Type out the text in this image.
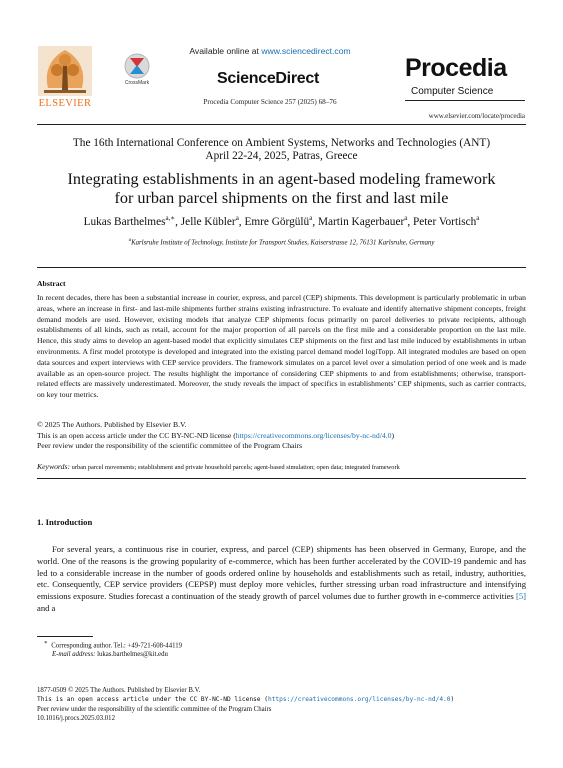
ELSEVIER
CrossMark
Available online at www.sciencedirect.com
ScienceDirect
Procedia Computer Science 257 (2025) 68–76
Procedia
Computer Science
www.elsevier.com/locate/procedia
The 16th International Conference on Ambient Systems, Networks and Technologies (ANT)
April 22-24, 2025, Patras, Greece
Integrating establishments in an agent-based modeling framework
for urban parcel shipments on the first and last mile
Lukas Barthelmes$^{a,∗}$, Jelle Kübler$^a$, Emre Görgülü$^a$, Martin Kagerbauer$^a$, Peter Vortisch$^a$
$^a$Karlsruhe Institute of Technology, Institute for Transport Studies, Kaiserstrasse 12, 76131 Karlsruhe, Germany
Abstract
In recent decades, there has been a substantial increase in courier, express, and parcel (CEP) shipments. This development is particularly problematic in urban areas, where an increase in first- and last-mile shipments further strains existing infrastructure. To evaluate and identify alternative shipment concepts, freight demand models are used. However, existing models that analyze CEP shipments focus primarily on parcel deliveries to private recipients, although establishments of all kinds, such as retail, account for the major proportion of all parcels on the first mile and a considerable proportion on the last mile. Hence, this study aims to develop an agent-based model that explicitly simulates CEP shipments on the first and last mile induced by establishments in urban environments. A first model prototype is developed and integrated into the existing parcel demand model logiTopp. All integrated modules are based on open data sources and expert interviews with CEP service providers. The framework simulates on a parcel level over a simulation period of one week and is made available as an open-source project. The results highlight the importance of considering CEP shipments to and from establishments; otherwise, transport-related effects are massively underestimated. Moreover, the study reveals the impact of specifics in establishments’ CEP shipments, such as carrier contracts, on key tour metrics.
© 2025 The Authors. Published by Elsevier B.V.
This is an open access article under the CC BY-NC-ND license (https://creativecommons.org/licenses/by-nc-nd/4.0)
Peer review under the responsibility of the scientific committee of the Program Chairs
Keywords: urban parcel movements; establishment and private household parcels; agent-based simulation; open data; integrated framework
1. Introduction
For several years, a continuous rise in courier, express, and parcel (CEP) shipments has been observed in Germany, Europe, and the world. One of the reasons is the growing popularity of e-commerce, which has been further accelerated by the COVID-19 pandemic and has led to a considerable increase in the number of goods ordered online by households and establishments such as retail, industry, authorities, etc. Consequently, CEP service providers (CEPSP) must deploy more vehicles, further stressing urban road infrastructure and intensifying emissions exposure. Studies forecast a continuation of the steady growth of parcel volumes due to further growth in e-commerce activities [5] and a
∗ Corresponding author. Tel.: +49-721-608-44119
E-mail address: lukas.barthelmes@kit.edu
1877-0509 © 2025 The Authors. Published by Elsevier B.V.
This is an open access article under the CC BY-NC-ND license (https://creativecommons.org/licenses/by-nc-nd/4.0)
Peer review under the responsibility of the scientific committee of the Program Chairs
10.1016/j.procs.2025.03.012
